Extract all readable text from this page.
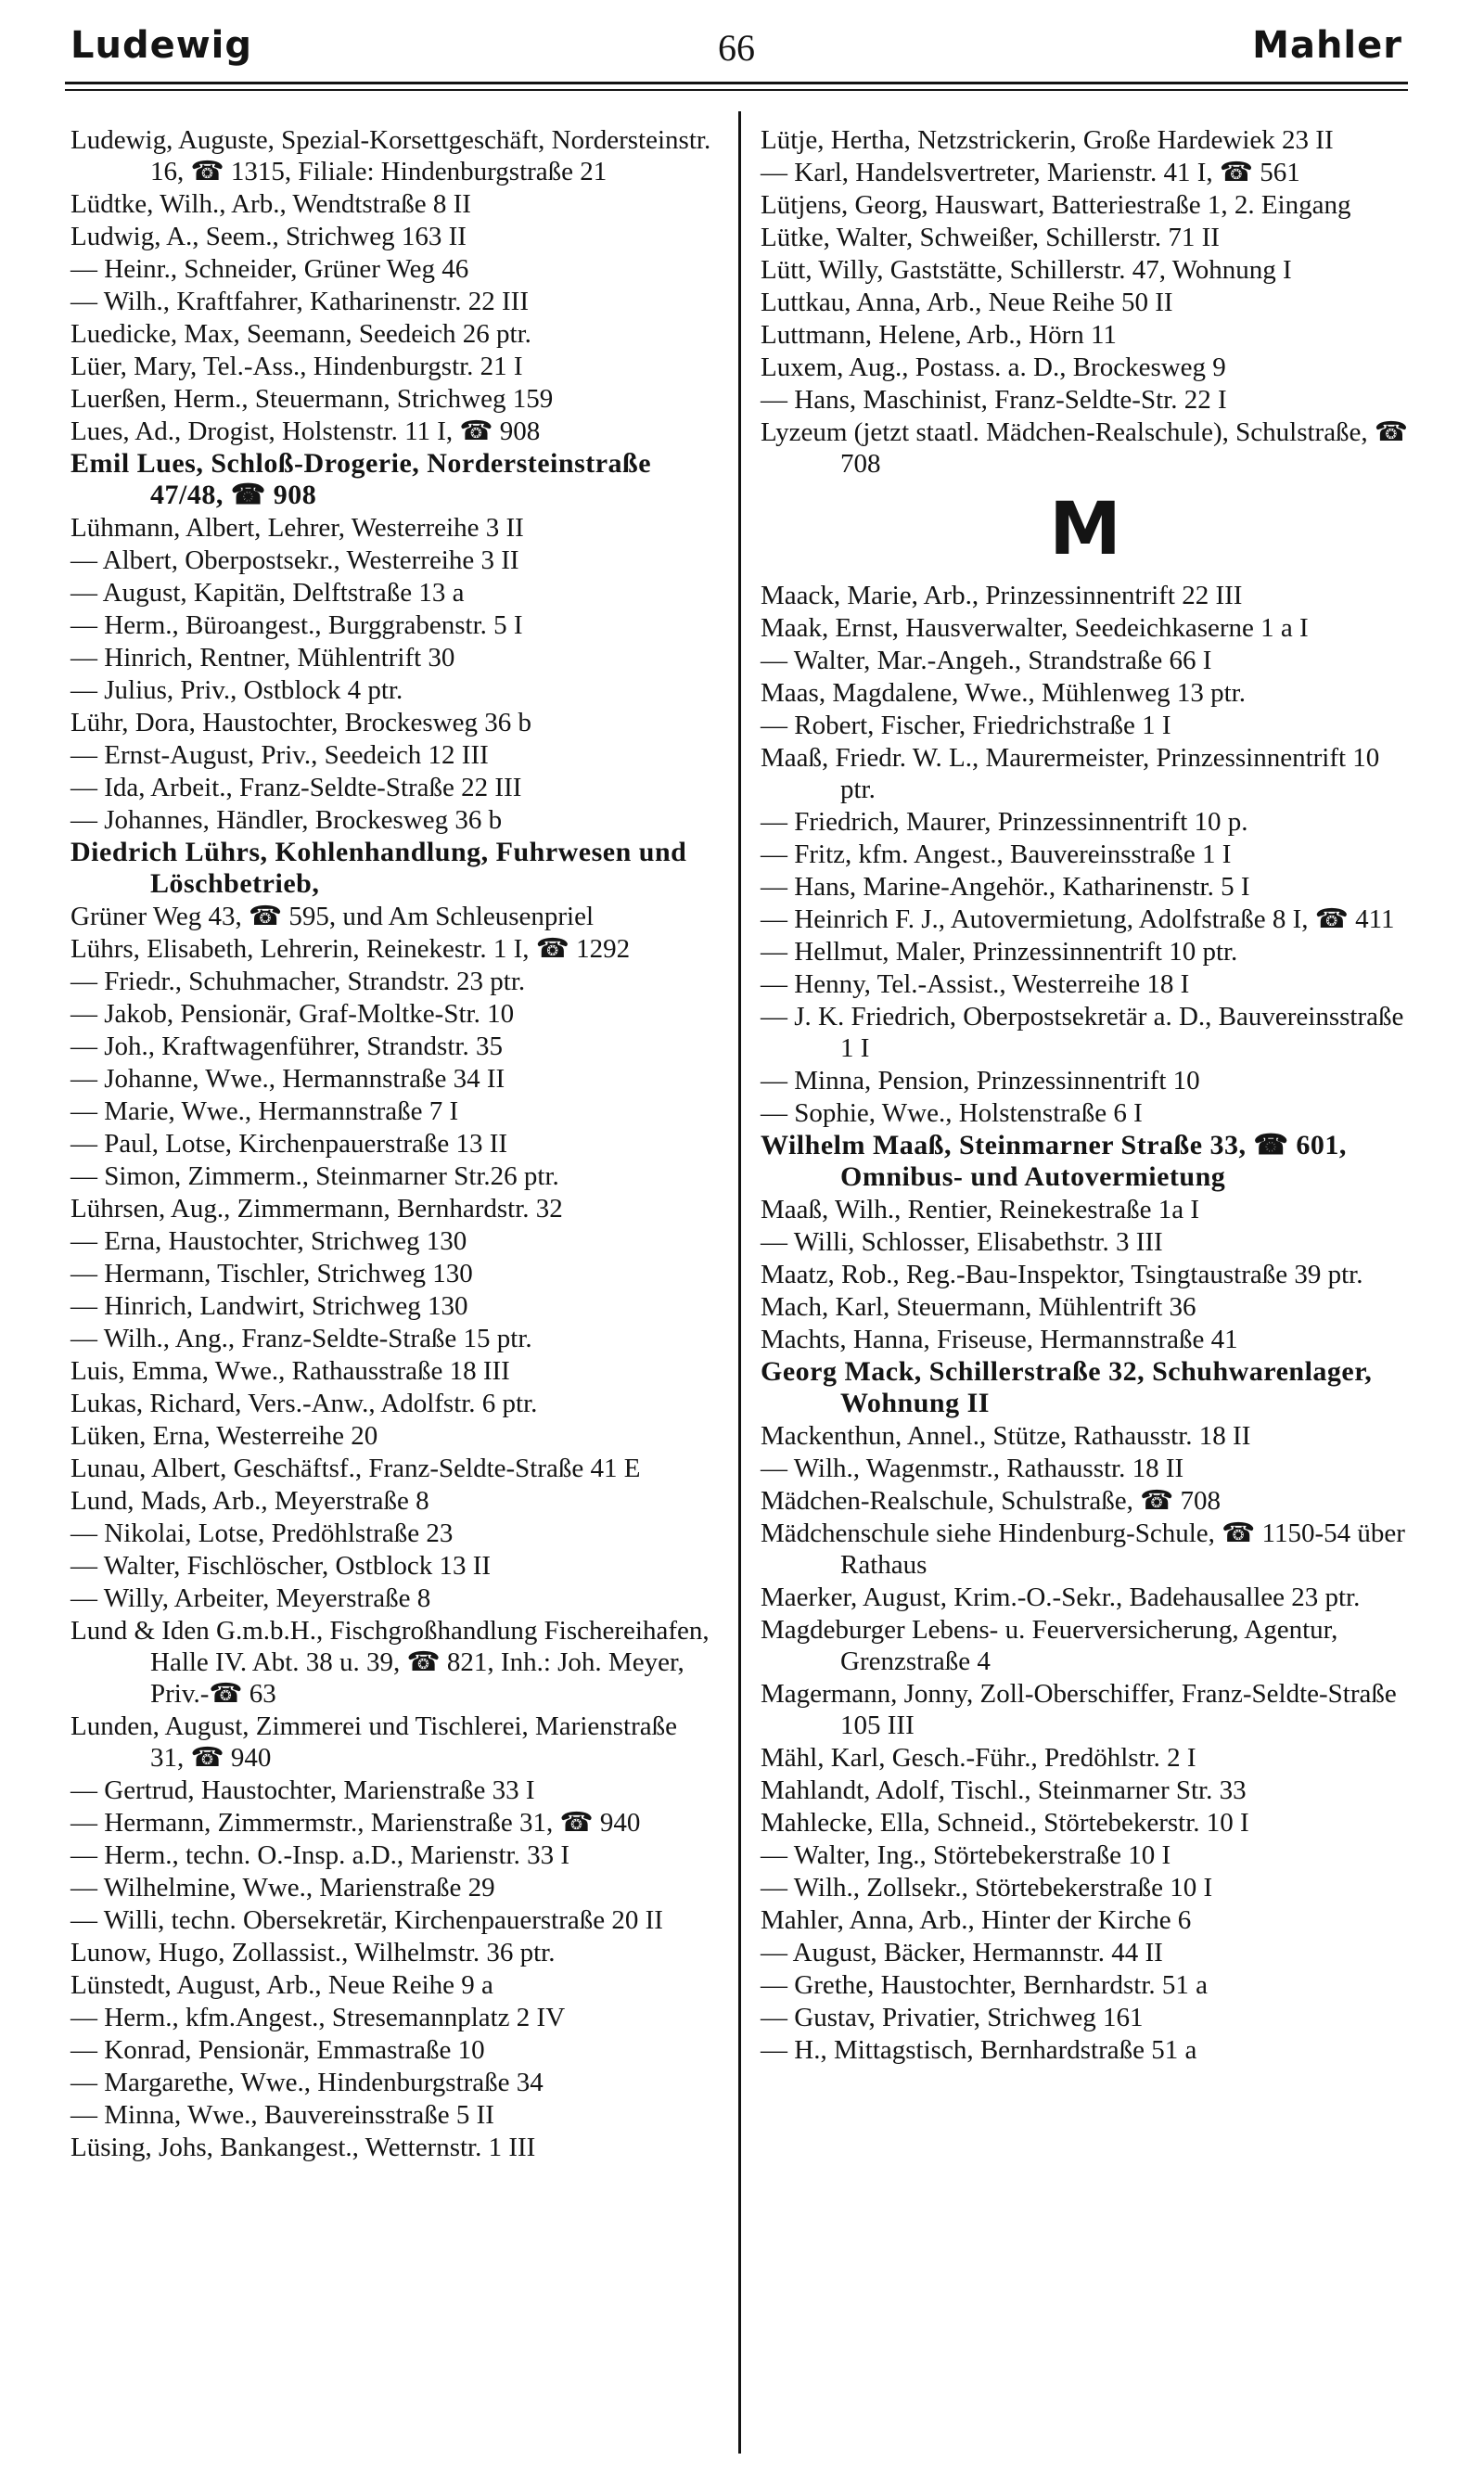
Ludewig	66	Mahler
Ludewig, Auguste, Spezial-Korsettgeschäft, Nordersteinstr. 16, ☎ 1315, Filiale: Hindenburgstraße 21
Lüdtke, Wilh., Arb., Wendtstraße 8 II
Ludwig, A., Seem., Strichweg 163 II
— Heinr., Schneider, Grüner Weg 46
— Wilh., Kraftfahrer, Katharinenstr. 22 III
Luedicke, Max, Seemann, Seedeich 26 ptr.
Lüer, Mary, Tel.-Ass., Hindenburgstr. 21 I
Luerßen, Herm., Steuermann, Strichweg 159
Lues, Ad., Drogist, Holstenstr. 11 I, ☎ 908
Emil Lues, Schloß-Drogerie, Nordersteinstraße 47/48, ☎ 908
Lühmann, Albert, Lehrer, Westerreihe 3 II
— Albert, Oberpostsekr., Westerreihe 3 II
— August, Kapitän, Delftstraße 13 a
— Herm., Büroangest., Burggrabenstr. 5 I
— Hinrich, Rentner, Mühlentrift 30
— Julius, Priv., Ostblock 4 ptr.
Lühr, Dora, Haustochter, Brockesweg 36 b
— Ernst-August, Priv., Seedeich 12 III
— Ida, Arbeit., Franz-Seldte-Straße 22 III
— Johannes, Händler, Brockesweg 36 b
Diedrich Lührs, Kohlenhandlung, Fuhrwesen und Löschbetrieb,
Grüner Weg 43, ☎ 595, und Am Schleusenpriel
Lührs, Elisabeth, Lehrerin, Reinekestr. 1 I, ☎ 1292
— Friedr., Schuhmacher, Strandstr. 23 ptr.
— Jakob, Pensionär, Graf-Moltke-Str. 10
— Joh., Kraftwagenführer, Strandstr. 35
— Johanne, Wwe., Hermannstraße 34 II
— Marie, Wwe., Hermannstraße 7 I
— Paul, Lotse, Kirchenpauerstraße 13 II
— Simon, Zimmerm., Steinmarner Str.26 ptr.
Lührsen, Aug., Zimmermann, Bernhardstr. 32
— Erna, Haustochter, Strichweg 130
— Hermann, Tischler, Strichweg 130
— Hinrich, Landwirt, Strichweg 130
— Wilh., Ang., Franz-Seldte-Straße 15 ptr.
Luis, Emma, Wwe., Rathausstraße 18 III
Lukas, Richard, Vers.-Anw., Adolfstr. 6 ptr.
Lüken, Erna, Westerreihe 20
Lunau, Albert, Geschäftsf., Franz-Seldte-Straße 41 E
Lund, Mads, Arb., Meyerstraße 8
— Nikolai, Lotse, Predöhlstraße 23
— Walter, Fischlöscher, Ostblock 13 II
— Willy, Arbeiter, Meyerstraße 8
Lund & Iden G.m.b.H., Fischgroßhandlung Fischereihafen, Halle IV. Abt. 38 u. 39, ☎ 821, Inh.: Joh. Meyer, Priv.-☎ 63
Lunden, August, Zimmerei und Tischlerei, Marienstraße 31, ☎ 940
— Gertrud, Haustochter, Marienstraße 33 I
— Hermann, Zimmermstr., Marienstraße 31, ☎ 940
— Herm., techn. O.-Insp. a.D., Marienstr. 33 I
— Wilhelmine, Wwe., Marienstraße 29
— Willi, techn. Obersekretär, Kirchenpauerstraße 20 II
Lunow, Hugo, Zollassist., Wilhelmstr. 36 ptr.
Lünstedt, August, Arb., Neue Reihe 9 a
— Herm., kfm.Angest., Stresemannplatz 2 IV
— Konrad, Pensionär, Emmastraße 10
— Margarethe, Wwe., Hindenburgstraße 34
— Minna, Wwe., Bauvereinsstraße 5 II
Lüsing, Johs, Bankangest., Wetternstr. 1 III
Lütje, Hertha, Netzstrickerin, Große Hardewiek 23 II
— Karl, Handelsvertreter, Marienstr. 41 I, ☎ 561
Lütjens, Georg, Hauswart, Batteriestraße 1, 2. Eingang
Lütke, Walter, Schweißer, Schillerstr. 71 II
Lütt, Willy, Gaststätte, Schillerstr. 47, Wohnung I
Luttkau, Anna, Arb., Neue Reihe 50 II
Luttmann, Helene, Arb., Hörn 11
Luxem, Aug., Postass. a. D., Brockesweg 9
— Hans, Maschinist, Franz-Seldte-Str. 22 I
Lyzeum (jetzt staatl. Mädchen-Realschule), Schulstraße, ☎ 708
M
Maack, Marie, Arb., Prinzessinnentrift 22 III
Maak, Ernst, Hausverwalter, Seedeichkaserne 1 a I
— Walter, Mar.-Angeh., Strandstraße 66 I
Maas, Magdalene, Wwe., Mühlenweg 13 ptr.
— Robert, Fischer, Friedrichstraße 1 I
Maaß, Friedr. W. L., Maurermeister, Prinzessinnentrift 10 ptr.
— Friedrich, Maurer, Prinzessinnentrift 10 p.
— Fritz, kfm. Angest., Bauvereinsstraße 1 I
— Hans, Marine-Angehör., Katharinenstr. 5 I
— Heinrich F. J., Autovermietung, Adolfstraße 8 I, ☎ 411
— Hellmut, Maler, Prinzessinnentrift 10 ptr.
— Henny, Tel.-Assist., Westerreihe 18 I
— J. K. Friedrich, Oberpostsekretär a. D., Bauvereinsstraße 1 I
— Minna, Pension, Prinzessinnentrift 10
— Sophie, Wwe., Holstenstraße 6 I
Wilhelm Maaß, Steinmarner Straße 33, ☎ 601, Omnibus- und Autovermietung
Maaß, Wilh., Rentier, Reinekestraße 1a I
— Willi, Schlosser, Elisabethstr. 3 III
Maatz, Rob., Reg.-Bau-Inspektor, Tsingtaustraße 39 ptr.
Mach, Karl, Steuermann, Mühlentrift 36
Machts, Hanna, Friseuse, Hermannstraße 41
Georg Mack, Schillerstraße 32, Schuhwarenlager, Wohnung II
Mackenthun, Annel., Stütze, Rathausstr. 18 II
— Wilh., Wagenmstr., Rathausstr. 18 II
Mädchen-Realschule, Schulstraße, ☎ 708
Mädchenschule siehe Hindenburg-Schule, ☎ 1150-54 über Rathaus
Maerker, August, Krim.-O.-Sekr., Badehausallee 23 ptr.
Magdeburger Lebens- u. Feuerversicherung, Agentur, Grenzstraße 4
Magermann, Jonny, Zoll-Oberschiffer, Franz-Seldte-Straße 105 III
Mähl, Karl, Gesch.-Führ., Predöhlstr. 2 I
Mahlandt, Adolf, Tischl., Steinmarner Str. 33
Mahlecke, Ella, Schneid., Störtebekerstr. 10 I
— Walter, Ing., Störtebekerstraße 10 I
— Wilh., Zollsekr., Störtebekerstraße 10 I
Mahler, Anna, Arb., Hinter der Kirche 6
— August, Bäcker, Hermannstr. 44 II
— Grethe, Haustochter, Bernhardstr. 51 a
— Gustav, Privatier, Strichweg 161
— H., Mittagstisch, Bernhardstraße 51 a
